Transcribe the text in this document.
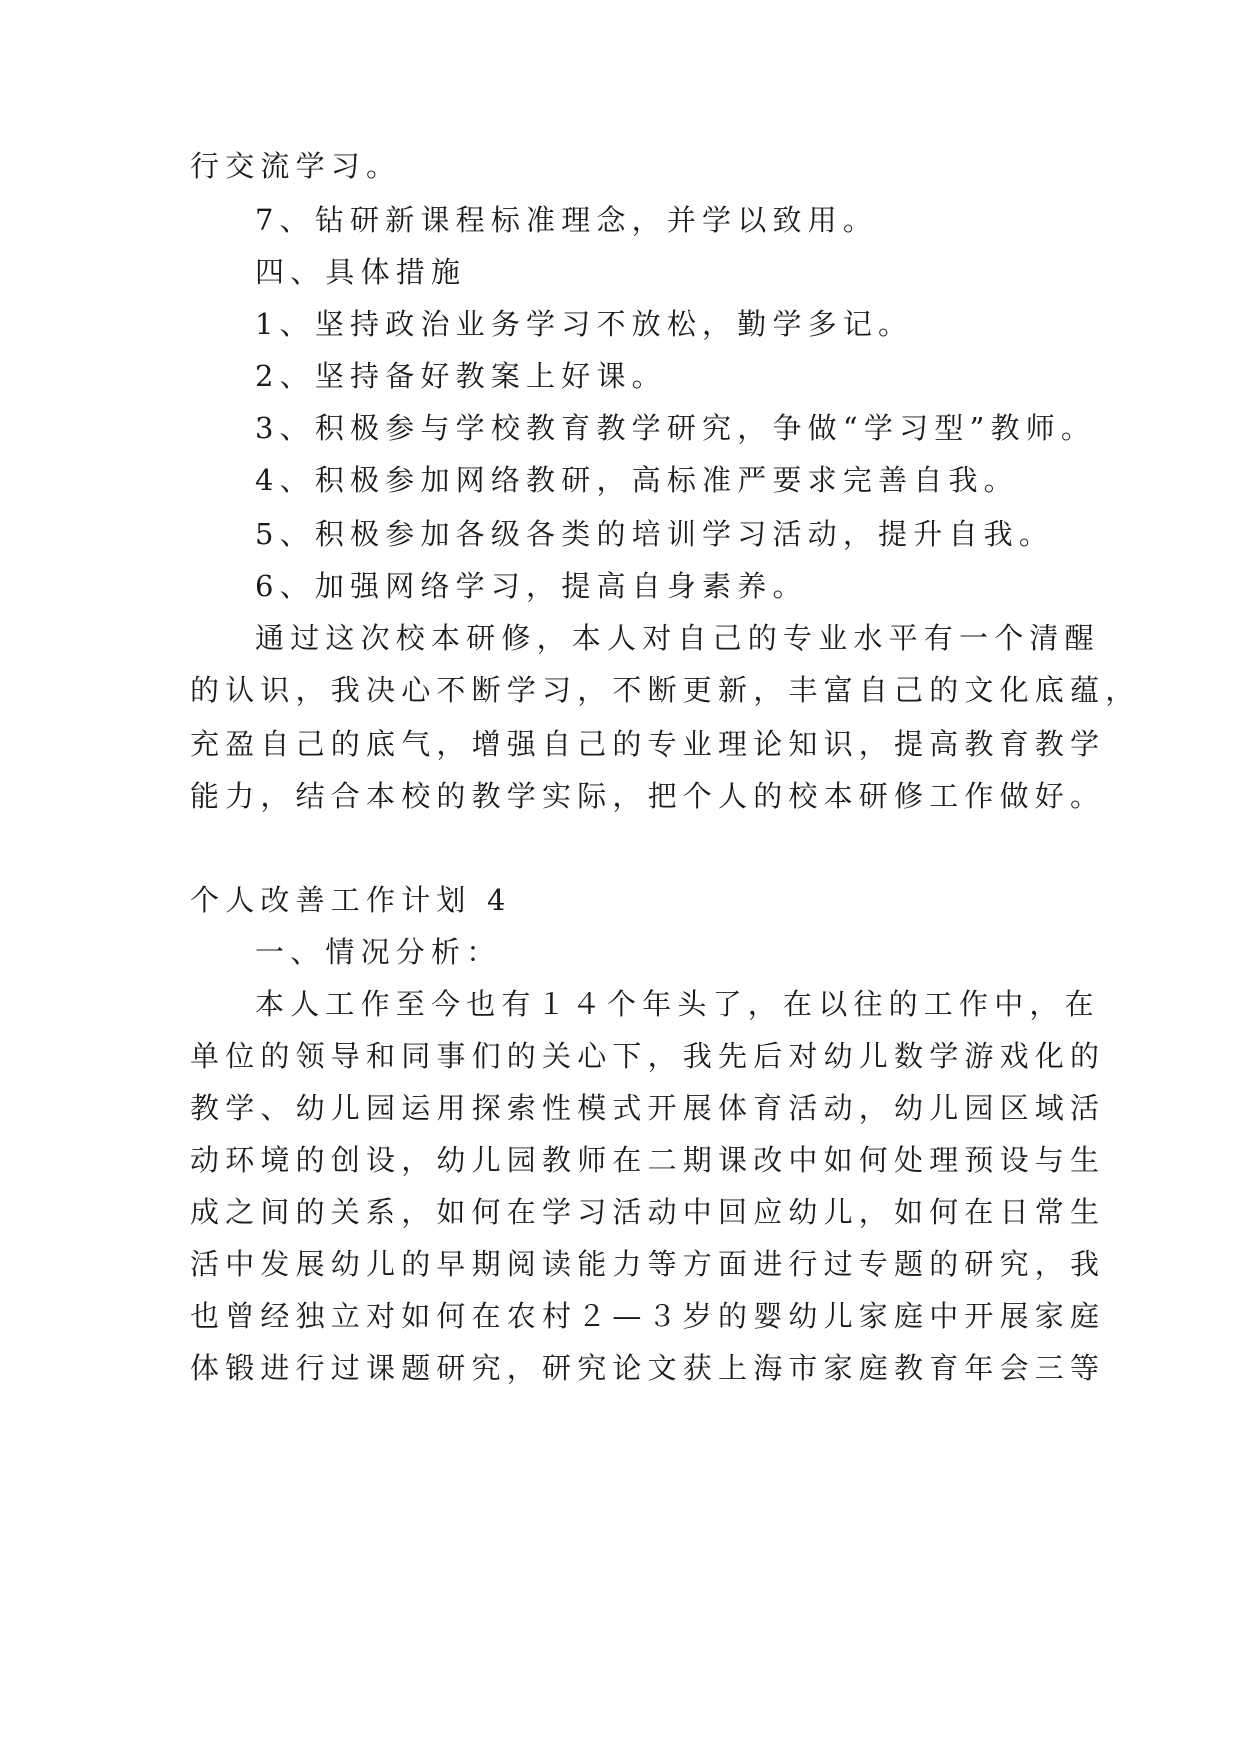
行交流学习。
7、钻研新课程标准理念，并学以致用。
四、具体措施
1、坚持政治业务学习不放松，勤学多记。
2、坚持备好教案上好课。
3、积极参与学校教育教学研究，争做“学习型”教师。
4、积极参加网络教研，高标准严要求完善自我。
5、积极参加各级各类的培训学习活动，提升自我。
6、加强网络学习，提高自身素养。
通过这次校本研修，本人对自己的专业水平有一个清醒
的认识，我决心不断学习，不断更新，丰富自己的文化底蕴，
充盈自己的底气，增强自己的专业理论知识，提高教育教学
能力，结合本校的教学实际，把个人的校本研修工作做好。
个人改善工作计划 4
一、情况分析：
本人工作至今也有１４个年头了，在以往的工作中，在
单位的领导和同事们的关心下，我先后对幼儿数学游戏化的
教学、幼儿园运用探索性模式开展体育活动，幼儿园区域活
动环境的创设，幼儿园教师在二期课改中如何处理预设与生
成之间的关系，如何在学习活动中回应幼儿，如何在日常生
活中发展幼儿的早期阅读能力等方面进行过专题的研究，我
也曾经独立对如何在农村２—３岁的婴幼儿家庭中开展家庭
体锻进行过课题研究，研究论文获上海市家庭教育年会三等
